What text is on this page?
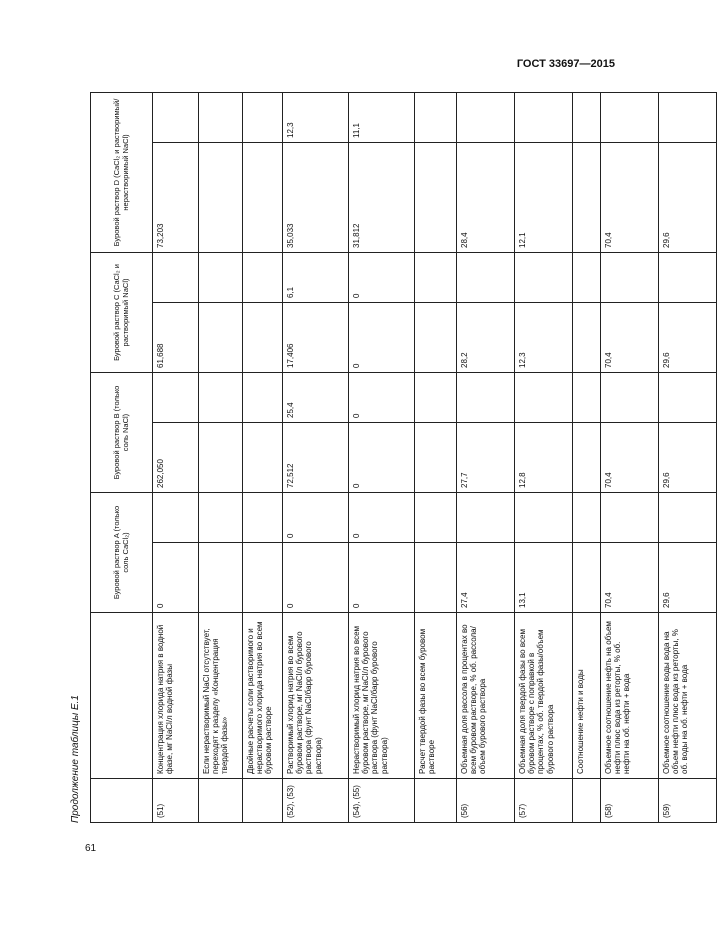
ГОСТ 33697—2015
Продолжение таблицы Е.1
		Буровой раствор A (только соль CaCl₂)		Буровой раствор B (только соль NaCl)		Буровой раствор C (CaCl₂ и растворимый NaCl)		Буровой раствор D (CaCl₂ и растворимый/нерастворимый NaCl)	
(51)	Концентрация хлорида натрия в водной фазе, мг NaCl/л водной фазы	0		262,050		61,688		73,203	
	Если нерастворимый NaCl отсутствует, переходят к разделу «Концентрация твердой фазы»								
	Двойные расчеты соли растворимого и нерастворимого хлорида натрия во всем буровом растворе								
(52), (53)	Растворимый хлорид натрия во всем буровом растворе, мг NaCl/л бурового раствора (фунт NaCl/барр бурового раствора)	0	0	72,512	25,4	17,406	6,1	35,033	12,3
(54), (55)	Нерастворимый хлорид натрия во всем буровом растворе, мг NaCl/л бурового раствора (фунт NaCl/барр бурового раствора)	0	0	0	0	0	0	31,812	11,1
	Расчет твердой фазы во всем буровом растворе								
(56)	Объемная доля рассола в процентах во всем буровом растворе, % об. рассола/объем бурового раствора	27,4		27,7		28,2		28,4	
(57)	Объемная доля твердой фазы во всем буровом растворе с поправкой в процентах, % об. твердой фазы/объем бурового раствора	13,1		12,8		12,3		12,1	
	Соотношение нефти и воды								
(58)	Объемное соотношение нефть на объем нефти плюс вода из реторты, % об. нефти на об. нефти + вода	70,4		70,4		70,4		70,4	
(59)	Объемное соотношение воды вода на объем нефти плюс вода из реторты, % об. воды на об. нефти + вода	29,6		29,6		29,6		29,6	
61
